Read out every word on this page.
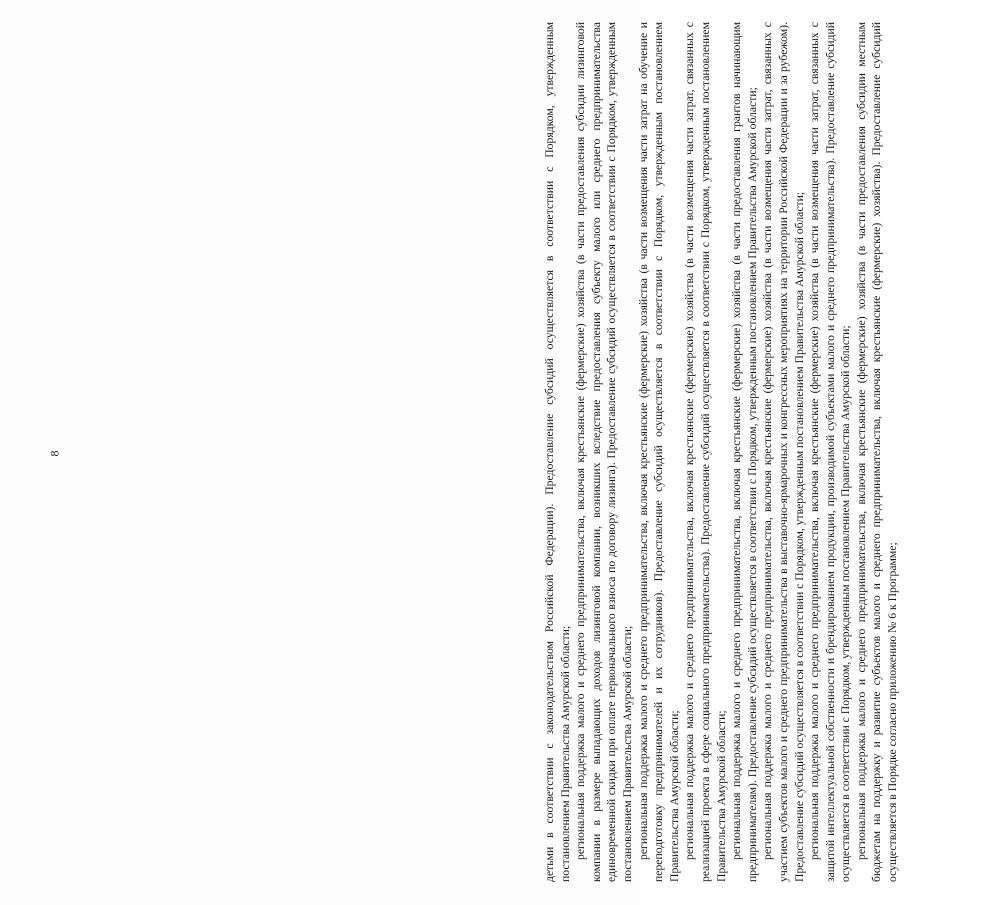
8	детьми в соответствии с законодательством Российской Федерации). Предоставление субсидий осуществляется в соответствии с Порядком, утвержденным постановлением Правительства Амурской области; региональная поддержка малого и среднего предпринимательства, включая крестьянские (фермерские) хозяйства (в части предоставления субсидии лизинговой компании в размере выпадающих доходов лизинговой компании, возникших вследствие предоставления субъекту малого или среднего предпринимательства единовременной скидки при оплате первоначального взноса по договору лизинга). Предоставление субсидий осуществляется в соответствии с Порядком, утвержденным постановлением Правительства Амурской области; региональная поддержка малого и среднего предпринимательства, включая крестьянские (фермерские) хозяйства (в части возмещения части затрат на обучение и переподготовку предпринимателей и их сотрудников). Предоставление субсидий осуществляется в соответствии с Порядком, утвержденным постановлением Правительства Амурской области; региональная поддержка малого и среднего предпринимательства, включая крестьянские (фермерские) хозяйства (в части возмещения части затрат, связанных с реализацией проекта в сфере социального предпринимательства). Предоставление субсидий осуществляется в соответствии с Порядком, утвержденным постановлением Правительства Амурской области; региональная поддержка малого и среднего предпринимательства, включая крестьянские (фермерские) хозяйства (в части предоставления грантов начинающим предпринимателям). Предоставление субсидий осуществляется в соответствии с Порядком, утвержденным постановлением Правительства Амурской области; региональная поддержка малого и среднего предпринимательства, включая крестьянские (фермерские) хозяйства (в части возмещения части затрат, связанных с участием субъектов малого и среднего предпринимательства в выставочно-ярмарочных и конгрессных мероприятиях на территории Российской Федерации и за рубежом). Предоставление субсидий осуществляется в соответствии с Порядком, утвержденным постановлением Правительства Амурской области; региональная поддержка малого и среднего предпринимательства, включая крестьянские (фермерские) хозяйства (в части возмещения части затрат, связанных с защитой интеллектуальной собственности и брендированием продукции, производимой субъектами малого и среднего предпринимательства). Предоставление субсидий осуществляется в соответствии с Порядком, утвержденным постановлением Правительства Амурской области; региональная поддержка малого и среднего предпринимательства, включая крестьянские (фермерские) хозяйства (в части предоставления субсидии местным бюджетам на поддержку и развитие субъектов малого и среднего предпринимательства, включая крестьянские (фермерские) хозяйства). Предоставление субсидий осуществляется в Порядке согласно приложению № 6 к Программе;
